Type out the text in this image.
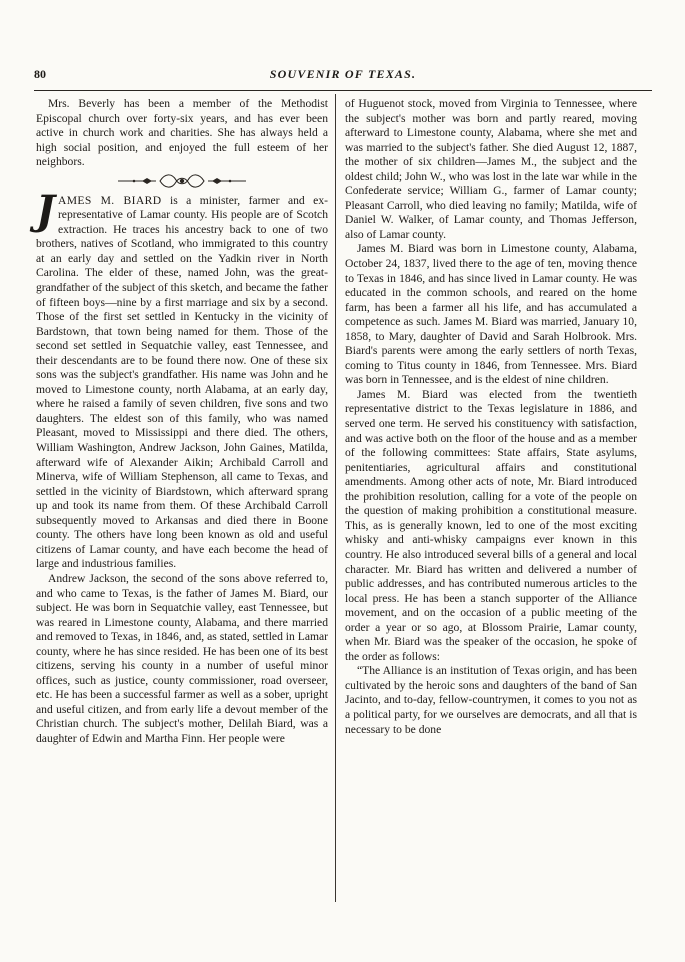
80	SOUVENIR OF TEXAS.

Mrs. Beverly has been a member of the Methodist Episcopal church over forty-six years, and has ever been active in church work and charities. She has always held a high social position, and enjoyed the full esteem of her neighbors.

JAMES M. BIARD is a minister, farmer and ex-representative of Lamar county. His people are of Scotch extraction. He traces his ancestry back to one of two brothers, natives of Scotland, who immigrated to this country at an early day and settled on the Yadkin river in North Carolina. The elder of these, named John, was the great-grandfather of the subject of this sketch, and became the father of fifteen boys—nine by a first marriage and six by a second. Those of the first set settled in Kentucky in the vicinity of Bardstown, that town being named for them. Those of the second set settled in Sequatchie valley, east Tennessee, and their descendants are to be found there now. One of these six sons was the subject's grandfather. His name was John and he moved to Limestone county, north Alabama, at an early day, where he raised a family of seven children, five sons and two daughters. The eldest son of this family, who was named Pleasant, moved to Mississippi and there died. The others, William Washington, Andrew Jackson, John Gaines, Matilda, afterward wife of Alexander Aikin; Archibald Carroll and Minerva, wife of William Stephenson, all came to Texas, and settled in the vicinity of Biardstown, which afterward sprang up and took its name from them. Of these Archibald Carroll subsequently moved to Arkansas and died there in Boone county. The others have long been known as old and useful citizens of Lamar county, and have each become the head of large and industrious families.

Andrew Jackson, the second of the sons above referred to, and who came to Texas, is the father of James M. Biard, our subject. He was born in Sequatchie valley, east Tennessee, but was reared in Limestone county, Alabama, and there married and removed to Texas, in 1846, and, as stated, settled in Lamar county, where he has since resided. He has been one of its best citizens, serving his county in a number of useful minor offices, such as justice, county commissioner, road overseer, etc. He has been a successful farmer as well as a sober, upright and useful citizen, and from early life a devout member of the Christian church. The subject's mother, Delilah Biard, was a daughter of Edwin and Martha Finn. Her people were

of Huguenot stock, moved from Virginia to Tennessee, where the subject's mother was born and partly reared, moving afterward to Limestone county, Alabama, where she met and was married to the subject's father. She died August 12, 1887, the mother of six children—James M., the subject and the oldest child; John W., who was lost in the late war while in the Confederate service; William G., farmer of Lamar county; Pleasant Carroll, who died leaving no family; Matilda, wife of Daniel W. Walker, of Lamar county, and Thomas Jefferson, also of Lamar county.

James M. Biard was born in Limestone county, Alabama, October 24, 1837, lived there to the age of ten, moving thence to Texas in 1846, and has since lived in Lamar county. He was educated in the common schools, and reared on the home farm, has been a farmer all his life, and has accumulated a competence as such. James M. Biard was married, January 10, 1858, to Mary, daughter of David and Sarah Holbrook. Mrs. Biard's parents were among the early settlers of north Texas, coming to Titus county in 1846, from Tennessee. Mrs. Biard was born in Tennessee, and is the eldest of nine children.

James M. Biard was elected from the twentieth representative district to the Texas legislature in 1886, and served one term. He served his constituency with satisfaction, and was active both on the floor of the house and as a member of the following committees: State affairs, State asylums, penitentiaries, agricultural affairs and constitutional amendments. Among other acts of note, Mr. Biard introduced the prohibition resolution, calling for a vote of the people on the question of making prohibition a constitutional measure. This, as is generally known, led to one of the most exciting whisky and anti-whisky campaigns ever known in this country. He also introduced several bills of a general and local character. Mr. Biard has written and delivered a number of public addresses, and has contributed numerous articles to the local press. He has been a stanch supporter of the Alliance movement, and on the occasion of a public meeting of the order a year or so ago, at Blossom Prairie, Lamar county, when Mr. Biard was the speaker of the occasion, he spoke of the order as follows:

“The Alliance is an institution of Texas origin, and has been cultivated by the heroic sons and daughters of the band of San Jacinto, and to-day, fellow-countrymen, it comes to you not as a political party, for we ourselves are democrats, and all that is necessary to be done
